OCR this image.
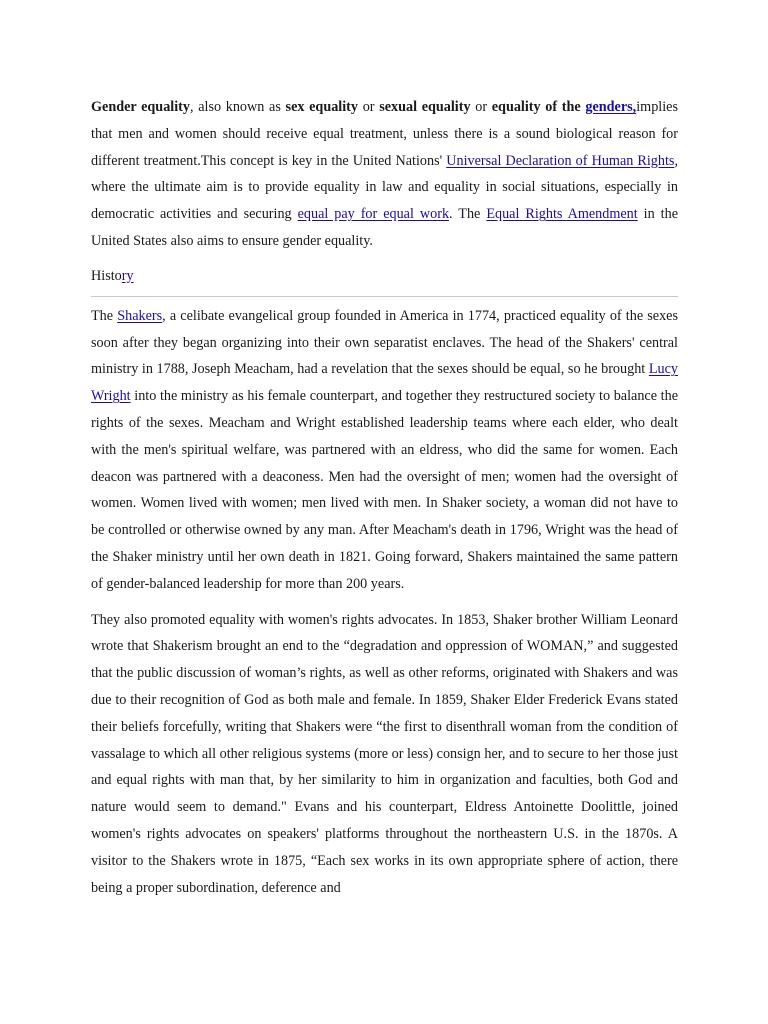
Gender equality, also known as sex equality or sexual equality or equality of the genders,implies that men and women should receive equal treatment, unless there is a sound biological reason for different treatment.This concept is key in the United Nations' Universal Declaration of Human Rights, where the ultimate aim is to provide equality in law and equality in social situations, especially in democratic activities and securing equal pay for equal work. The Equal Rights Amendment in the United States also aims to ensure gender equality.

History

The Shakers, a celibate evangelical group founded in America in 1774, practiced equality of the sexes soon after they began organizing into their own separatist enclaves. The head of the Shakers' central ministry in 1788, Joseph Meacham, had a revelation that the sexes should be equal, so he brought Lucy Wright into the ministry as his female counterpart, and together they restructured society to balance the rights of the sexes. Meacham and Wright established leadership teams where each elder, who dealt with the men's spiritual welfare, was partnered with an eldress, who did the same for women. Each deacon was partnered with a deaconess. Men had the oversight of men; women had the oversight of women. Women lived with women; men lived with men. In Shaker society, a woman did not have to be controlled or otherwise owned by any man. After Meacham's death in 1796, Wright was the head of the Shaker ministry until her own death in 1821. Going forward, Shakers maintained the same pattern of gender-balanced leadership for more than 200 years.

They also promoted equality with women's rights advocates. In 1853, Shaker brother William Leonard wrote that Shakerism brought an end to the “degradation and oppression of WOMAN,” and suggested that the public discussion of woman’s rights, as well as other reforms, originated with Shakers and was due to their recognition of God as both male and female. In 1859, Shaker Elder Frederick Evans stated their beliefs forcefully, writing that Shakers were “the first to disenthrall woman from the condition of vassalage to which all other religious systems (more or less) consign her, and to secure to her those just and equal rights with man that, by her similarity to him in organization and faculties, both God and nature would seem to demand." Evans and his counterpart, Eldress Antoinette Doolittle, joined women's rights advocates on speakers' platforms throughout the northeastern U.S. in the 1870s. A visitor to the Shakers wrote in 1875, “Each sex works in its own appropriate sphere of action, there being a proper subordination, deference and
